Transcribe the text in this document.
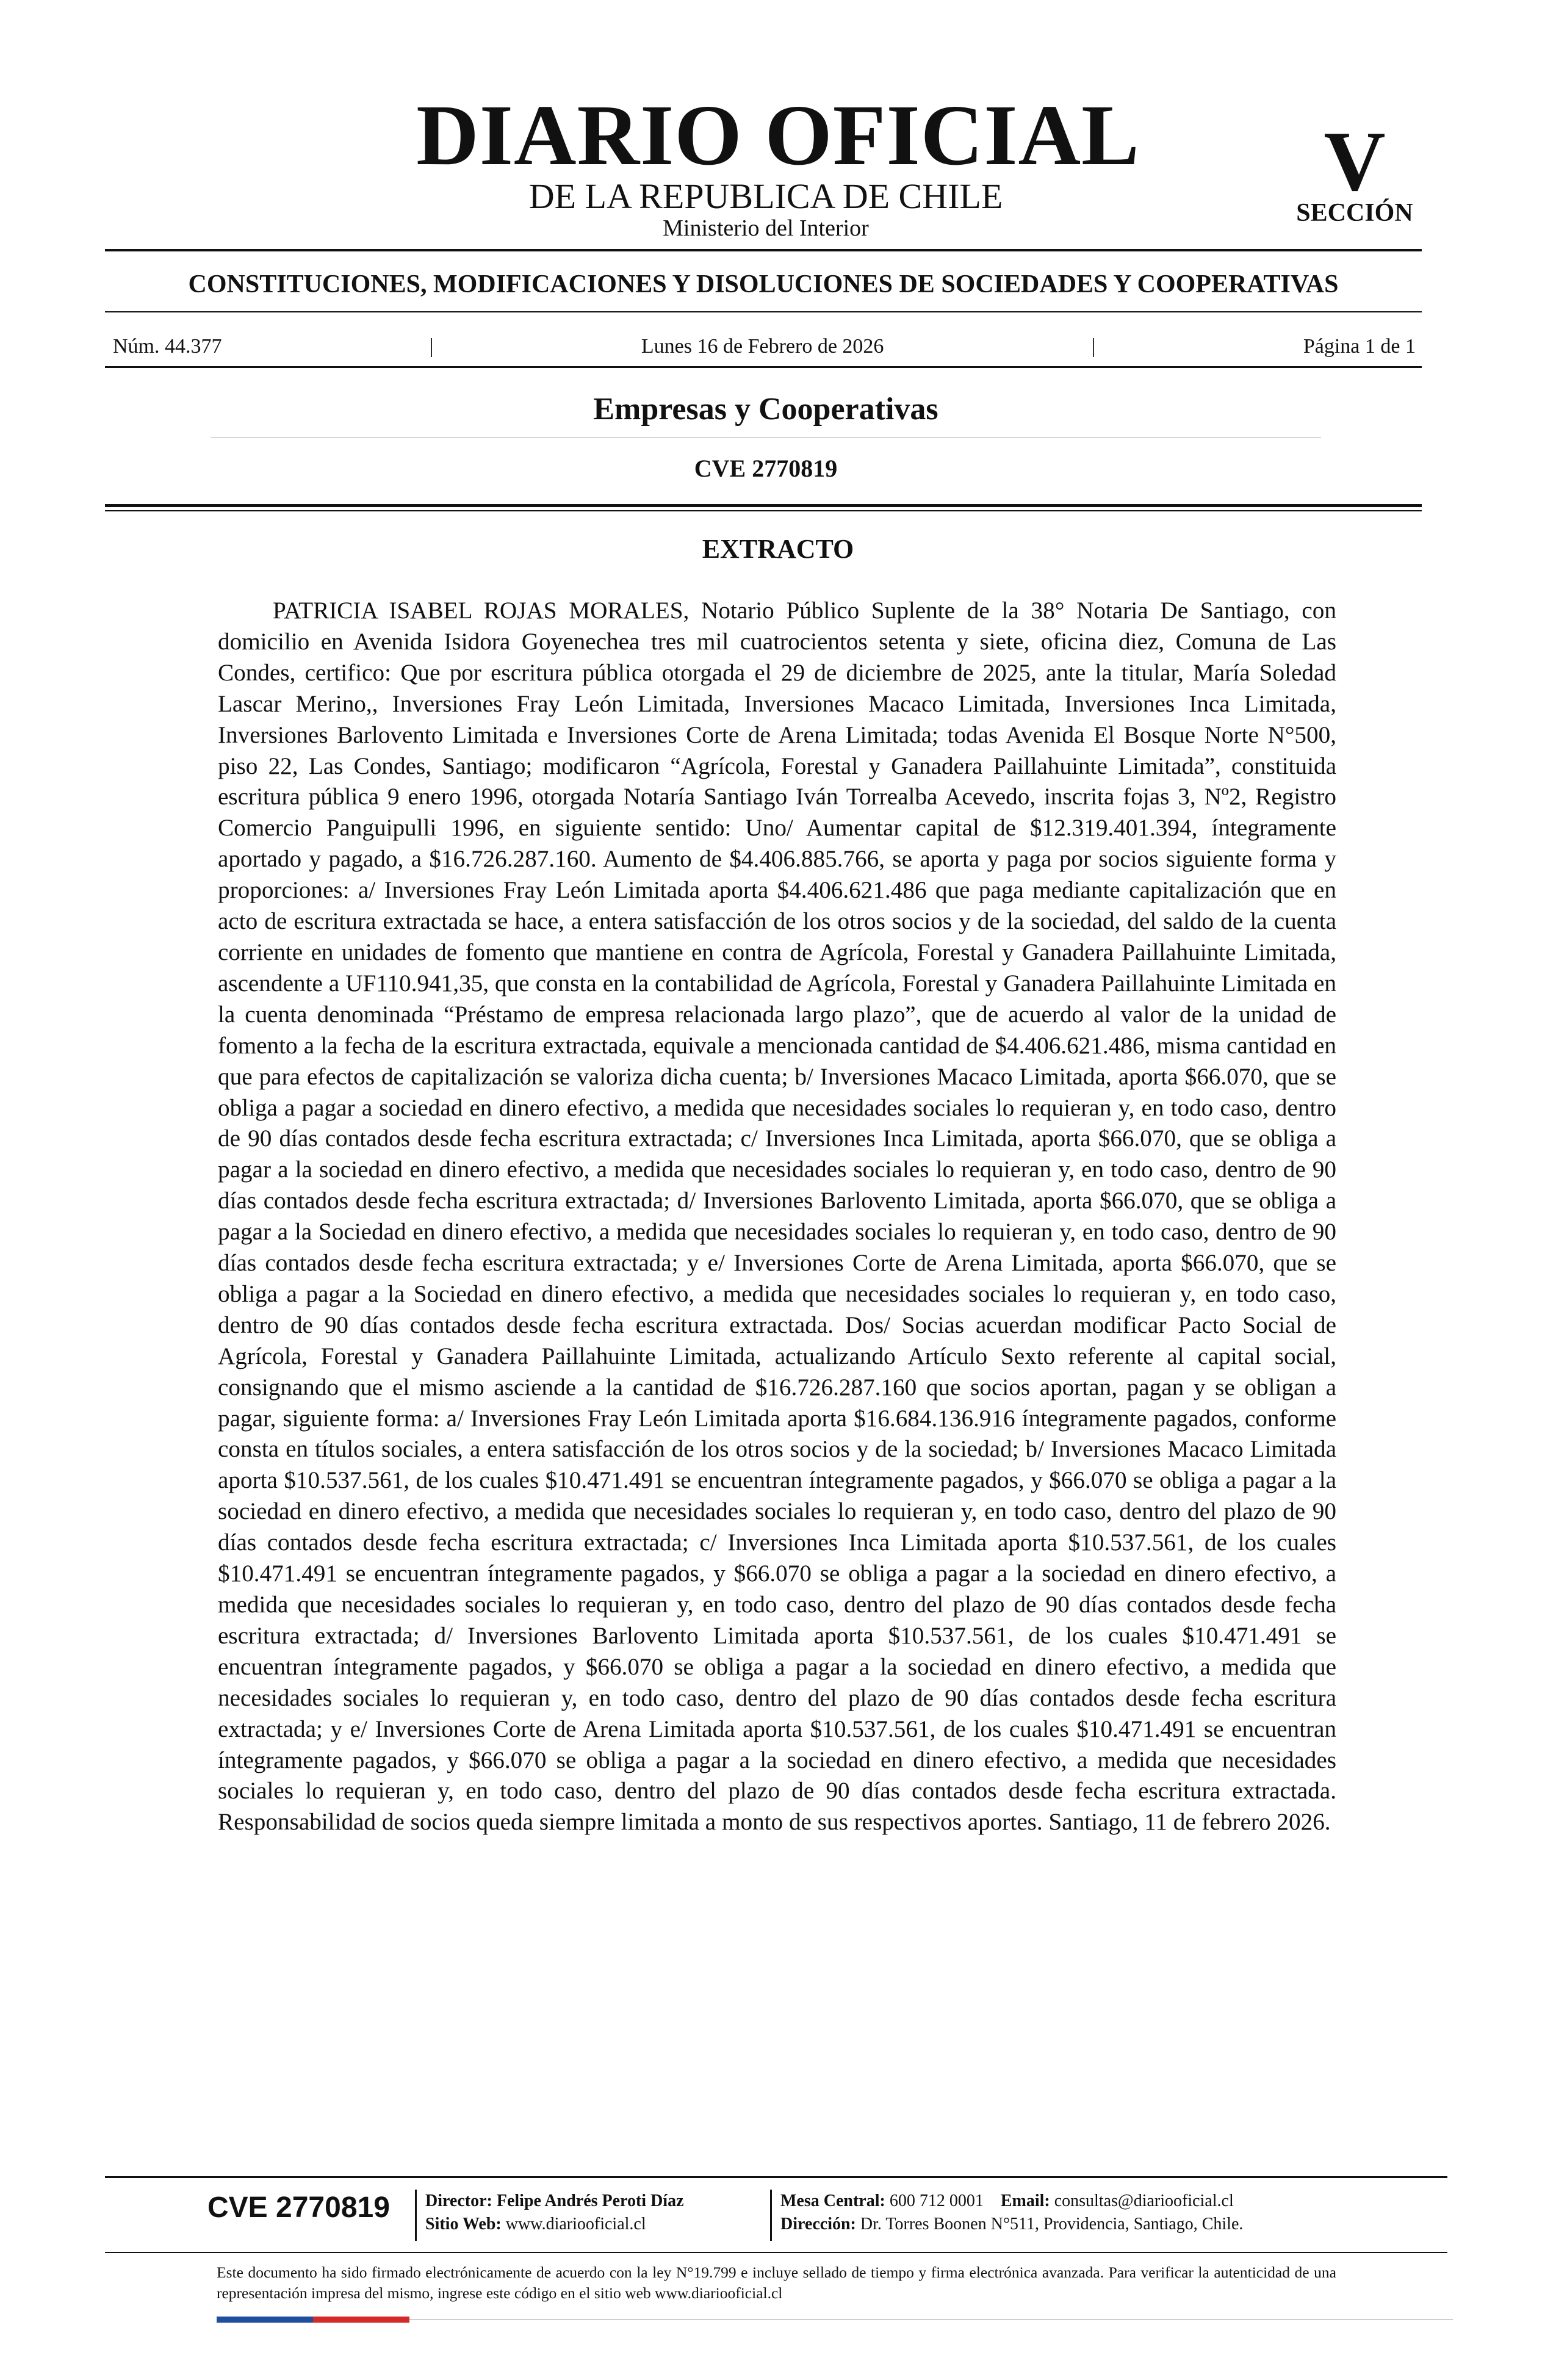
DIARIO OFICIAL
DE LA REPUBLICA DE CHILE
Ministerio del Interior
V
SECCIÓN
CONSTITUCIONES, MODIFICACIONES Y DISOLUCIONES DE SOCIEDADES Y COOPERATIVAS
Núm. 44.377	|	Lunes 16 de Febrero de 2026	|	Página 1 de 1
Empresas y Cooperativas
CVE 2770819
EXTRACTO

PATRICIA ISABEL ROJAS MORALES, Notario Público Suplente de la 38° Notaria De Santiago, con domicilio en Avenida Isidora Goyenechea tres mil cuatrocientos setenta y siete, oficina diez, Comuna de Las Condes, certifico: Que por escritura pública otorgada el 29 de diciembre de 2025, ante la titular, María Soledad Lascar Merino,, Inversiones Fray León Limitada, Inversiones Macaco Limitada, Inversiones Inca Limitada, Inversiones Barlovento Limitada e Inversiones Corte de Arena Limitada; todas Avenida El Bosque Norte N°500, piso 22, Las Condes, Santiago; modificaron “Agrícola, Forestal y Ganadera Paillahuinte Limitada”, constituida escritura pública 9 enero 1996, otorgada Notaría Santiago Iván Torrealba Acevedo, inscrita fojas 3, Nº2, Registro Comercio Panguipulli 1996, en siguiente sentido: Uno/ Aumentar capital de $12.319.401.394, íntegramente aportado y pagado, a $16.726.287.160. Aumento de $4.406.885.766, se aporta y paga por socios siguiente forma y proporciones: a/ Inversiones Fray León Limitada aporta $4.406.621.486 que paga mediante capitalización que en acto de escritura extractada se hace, a entera satisfacción de los otros socios y de la sociedad, del saldo de la cuenta corriente en unidades de fomento que mantiene en contra de Agrícola, Forestal y Ganadera Paillahuinte Limitada, ascendente a UF110.941,35, que consta en la contabilidad de Agrícola, Forestal y Ganadera Paillahuinte Limitada en la cuenta denominada “Préstamo de empresa relacionada largo plazo”, que de acuerdo al valor de la unidad de fomento a la fecha de la escritura extractada, equivale a mencionada cantidad de $4.406.621.486, misma cantidad en que para efectos de capitalización se valoriza dicha cuenta; b/ Inversiones Macaco Limitada, aporta $66.070, que se obliga a pagar a sociedad en dinero efectivo, a medida que necesidades sociales lo requieran y, en todo caso, dentro de 90 días contados desde fecha escritura extractada; c/ Inversiones Inca Limitada, aporta $66.070, que se obliga a pagar a la sociedad en dinero efectivo, a medida que necesidades sociales lo requieran y, en todo caso, dentro de 90 días contados desde fecha escritura extractada; d/ Inversiones Barlovento Limitada, aporta $66.070, que se obliga a pagar a la Sociedad en dinero efectivo, a medida que necesidades sociales lo requieran y, en todo caso, dentro de 90 días contados desde fecha escritura extractada; y e/ Inversiones Corte de Arena Limitada, aporta $66.070, que se obliga a pagar a la Sociedad en dinero efectivo, a medida que necesidades sociales lo requieran y, en todo caso, dentro de 90 días contados desde fecha escritura extractada. Dos/ Socias acuerdan modificar Pacto Social de Agrícola, Forestal y Ganadera Paillahuinte Limitada, actualizando Artículo Sexto referente al capital social, consignando que el mismo asciende a la cantidad de $16.726.287.160 que socios aportan, pagan y se obligan a pagar, siguiente forma: a/ Inversiones Fray León Limitada aporta $16.684.136.916 íntegramente pagados, conforme consta en títulos sociales, a entera satisfacción de los otros socios y de la sociedad; b/ Inversiones Macaco Limitada aporta $10.537.561, de los cuales $10.471.491 se encuentran íntegramente pagados, y $66.070 se obliga a pagar a la sociedad en dinero efectivo, a medida que necesidades sociales lo requieran y, en todo caso, dentro del plazo de 90 días contados desde fecha escritura extractada; c/ Inversiones Inca Limitada aporta $10.537.561, de los cuales $10.471.491 se encuentran íntegramente pagados, y $66.070 se obliga a pagar a la sociedad en dinero efectivo, a medida que necesidades sociales lo requieran y, en todo caso, dentro del plazo de 90 días contados desde fecha escritura extractada; d/ Inversiones Barlovento Limitada aporta $10.537.561, de los cuales $10.471.491 se encuentran íntegramente pagados, y $66.070 se obliga a pagar a la sociedad en dinero efectivo, a medida que necesidades sociales lo requieran y, en todo caso, dentro del plazo de 90 días contados desde fecha escritura extractada; y e/ Inversiones Corte de Arena Limitada aporta $10.537.561, de los cuales $10.471.491 se encuentran íntegramente pagados, y $66.070 se obliga a pagar a la sociedad en dinero efectivo, a medida que necesidades sociales lo requieran y, en todo caso, dentro del plazo de 90 días contados desde fecha escritura extractada. Responsabilidad de socios queda siempre limitada a monto de sus respectivos aportes. Santiago, 11 de febrero 2026.

CVE 2770819 Director: Felipe Andrés Peroti Díaz
Sitio Web: www.diariooficial.cl
Mesa Central: 600 712 0001 Email: consultas@diariooficial.cl
Dirección: Dr. Torres Boonen N°511, Providencia, Santiago, Chile.
Este documento ha sido firmado electrónicamente de acuerdo con la ley N°19.799 e incluye sellado de tiempo y firma electrónica avanzada. Para verificar la autenticidad de una representación impresa del mismo, ingrese este código en el sitio web www.diariooficial.cl
